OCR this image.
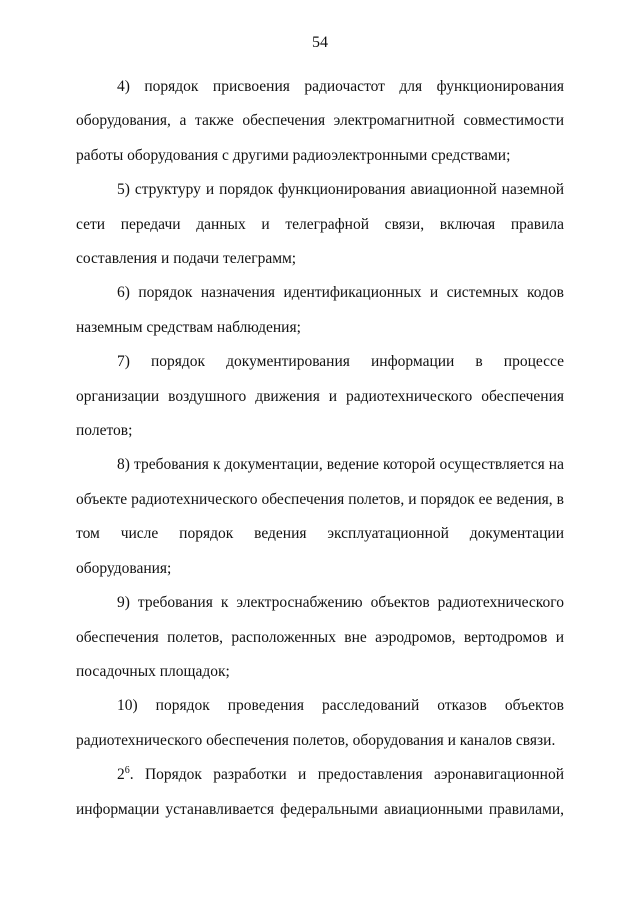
54

4) порядок присвоения радиочастот для функционирования оборудования, а также обеспечения электромагнитной совместимости работы оборудования с другими радиоэлектронными средствами;

5) структуру и порядок функционирования авиационной наземной сети передачи данных и телеграфной связи, включая правила составления и подачи телеграмм;

6) порядок назначения идентификационных и системных кодов наземным средствам наблюдения;

7) порядок документирования информации в процессе организации воздушного движения и радиотехнического обеспечения полетов;

8) требования к документации, ведение которой осуществляется на объекте радиотехнического обеспечения полетов, и порядок ее ведения, в том числе порядок ведения эксплуатационной документации оборудования;

9) требования к электроснабжению объектов радиотехнического обеспечения полетов, расположенных вне аэродромов, вертодромов и посадочных площадок;

10) порядок проведения расследований отказов объектов радиотехнического обеспечения полетов, оборудования и каналов связи.

$2^6$. Порядок разработки и предоставления аэронавигационной информации устанавливается федеральными авиационными правилами,
